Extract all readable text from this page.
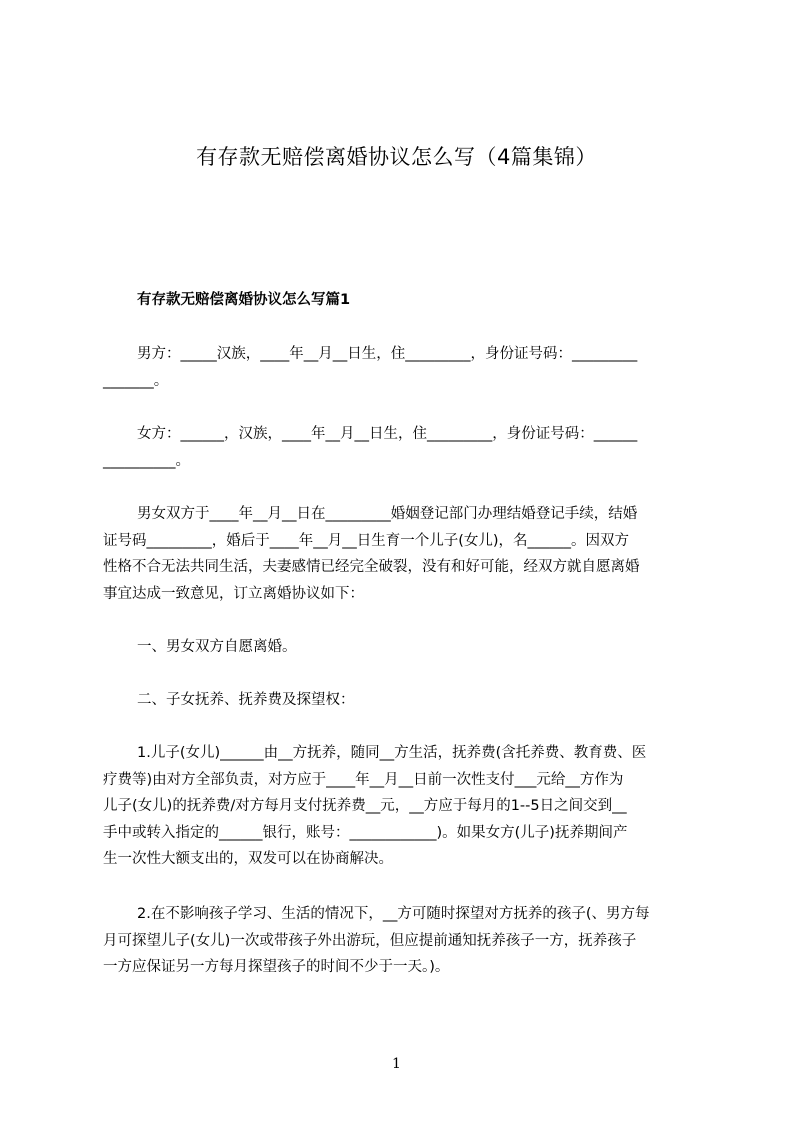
有存款无赔偿离婚协议怎么写（4篇集锦）
有存款无赔偿离婚协议怎么写篇1

男方：_____汉族，____年__月__日生，住_________，身份证号码：_________
_______。

女方：______，汉族，____年__月__日生，住_________，身份证号码：______
__________。

男女双方于____年__月__日在_________婚姻登记部门办理结婚登记手续，结婚
证号码_________，婚后于____年__月__日生育一个儿子(女儿)，名______。因双方
性格不合无法共同生活，夫妻感情已经完全破裂，没有和好可能，经双方就自愿离婚
事宜达成一致意见，订立离婚协议如下：

一、男女双方自愿离婚。

二、子女抚养、抚养费及探望权：

1.儿子(女儿)______由__方抚养，随同__方生活，抚养费(含托养费、教育费、医
疗费等)由对方全部负责，对方应于____年__月__日前一次性支付___元给__方作为
儿子(女儿)的抚养费/对方每月支付抚养费__元，__方应于每月的1--5日之间交到__
手中或转入指定的______银行，账号：____________)。如果女方(儿子)抚养期间产
生一次性大额支出的，双发可以在协商解决。

2.在不影响孩子学习、生活的情况下，__方可随时探望对方抚养的孩子(、男方每
月可探望儿子(女儿)一次或带孩子外出游玩，但应提前通知抚养孩子一方，抚养孩子
一方应保证另一方每月探望孩子的时间不少于一天。)。

1
